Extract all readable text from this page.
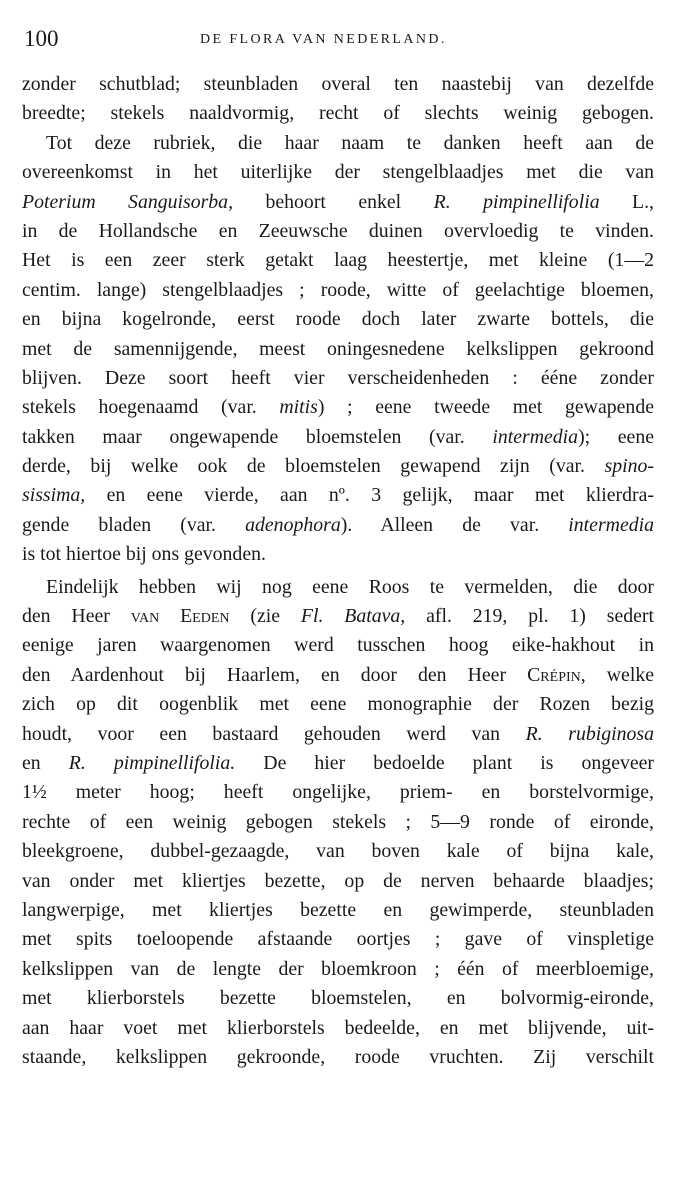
100	DE FLORA VAN NEDERLAND.
zonder schutblad; steunbladen overal ten naastebij van dezelfde
breedte; stekels naaldvormig, recht of slechts weinig gebogen.
Tot deze rubriek, die haar naam te danken heeft aan de
overeenkomst in het uiterlijke der stengelblaadjes met die van
Poterium Sanguisorba, behoort enkel R. pimpinellifolia L.,
in de Hollandsche en Zeeuwsche duinen overvloedig te vinden.
Het is een zeer sterk getakt laag heestertje, met kleine (1—2
centim. lange) stengelblaadjes ; roode, witte of geelachtige bloemen,
en bijna kogelronde, eerst roode doch later zwarte bottels, die
met de samennijgende, meest oningesnedene kelkslippen gekroond
blijven. Deze soort heeft vier verscheidenheden : ééne zonder
stekels hoegenaamd (var. mitis) ; eene tweede met gewapende
takken maar ongewapende bloemstelen (var. intermedia); eene
derde, bij welke ook de bloemstelen gewapend zijn (var. spino-
sissima, en eene vierde, aan nº. 3 gelijk, maar met klierdra-
gende bladen (var. adenophora). Alleen de var. intermedia
is tot hiertoe bij ons gevonden.
Eindelijk hebben wij nog eene Roos te vermelden, die door
den Heer van Eeden (zie Fl. Batava, afl. 219, pl. 1) sedert
eenige jaren waargenomen werd tusschen hoog eike-hakhout in
den Aardenhout bij Haarlem, en door den Heer Crépin, welke
zich op dit oogenblik met eene monographie der Rozen bezig
houdt, voor een bastaard gehouden werd van R. rubiginosa
en R. pimpinellifolia. De hier bedoelde plant is ongeveer
1½ meter hoog; heeft ongelijke, priem- en borstelvormige,
rechte of een weinig gebogen stekels ; 5—9 ronde of eironde,
bleekgroene, dubbel-gezaagde, van boven kale of bijna kale,
van onder met kliertjes bezette, op de nerven behaarde blaadjes;
langwerpige, met kliertjes bezette en gewimperde, steunbladen
met spits toeloopende afstaande oortjes ; gave of vinspletige
kelkslippen van de lengte der bloemkroon ; één of meerbloemige,
met klierborstels bezette bloemstelen, en bolvormig-eironde,
aan haar voet met klierborstels bedeelde, en met blijvende, uit-
staande, kelkslippen gekroonde, roode vruchten. Zij verschilt
